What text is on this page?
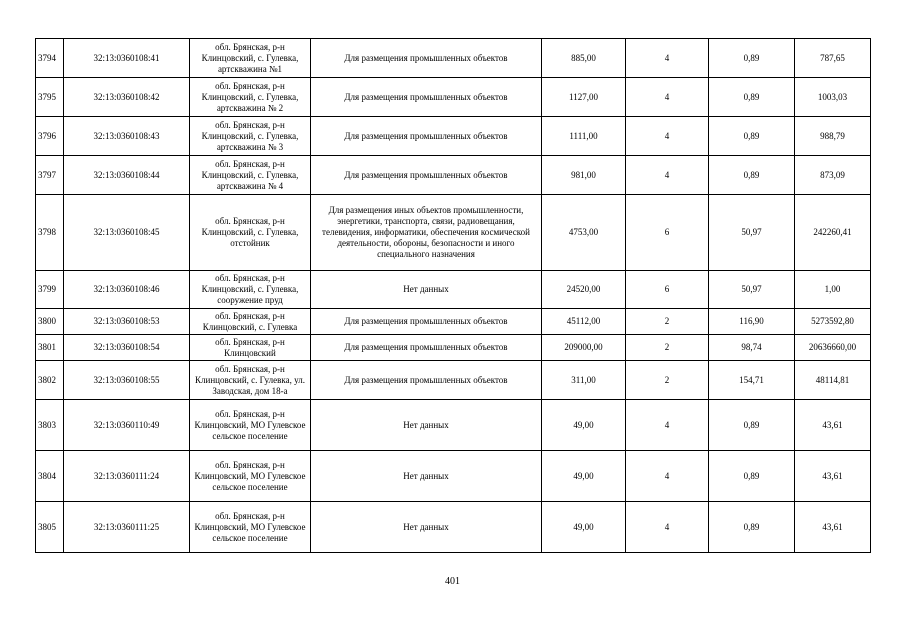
3794	32:13:0360108:41	обл. Брянская, р-н Клинцовский, с. Гулевка, артскважина №1	Для размещения промышленных объектов	885,00	4	0,89	787,65
3795	32:13:0360108:42	обл. Брянская, р-н Клинцовский, с. Гулевка, артскважина № 2	Для размещения промышленных объектов	1127,00	4	0,89	1003,03
3796	32:13:0360108:43	обл. Брянская, р-н Клинцовский, с. Гулевка, артскважина № 3	Для размещения промышленных объектов	1111,00	4	0,89	988,79
3797	32:13:0360108:44	обл. Брянская, р-н Клинцовский, с. Гулевка, артскважина № 4	Для размещения промышленных объектов	981,00	4	0,89	873,09
3798	32:13:0360108:45	обл. Брянская, р-н Клинцовский, с. Гулевка, отстойник	Для размещения иных объектов промышленности, энергетики, транспорта, связи, радиовещания, телевидения, информатики, обеспечения космической деятельности, обороны, безопасности и иного специального назначения	4753,00	6	50,97	242260,41
3799	32:13:0360108:46	обл. Брянская, р-н Клинцовский, с. Гулевка, сооружение пруд	Нет данных	24520,00	6	50,97	1,00
3800	32:13:0360108:53	обл. Брянская, р-н Клинцовский, с. Гулевка	Для размещения промышленных объектов	45112,00	2	116,90	5273592,80
3801	32:13:0360108:54	обл. Брянская, р-н Клинцовский	Для размещения промышленных объектов	209000,00	2	98,74	20636660,00
3802	32:13:0360108:55	обл. Брянская, р-н Клинцовский, с. Гулевка, ул. Заводская, дом 18-а	Для размещения промышленных объектов	311,00	2	154,71	48114,81
3803	32:13:0360110:49	обл. Брянская, р-н Клинцовский, МО Гулевское сельское поселение	Нет данных	49,00	4	0,89	43,61
3804	32:13:0360111:24	обл. Брянская, р-н Клинцовский, МО Гулевское сельское поселение	Нет данных	49,00	4	0,89	43,61
3805	32:13:0360111:25	обл. Брянская, р-н Клинцовский, МО Гулевское сельское поселение	Нет данных	49,00	4	0,89	43,61
401
